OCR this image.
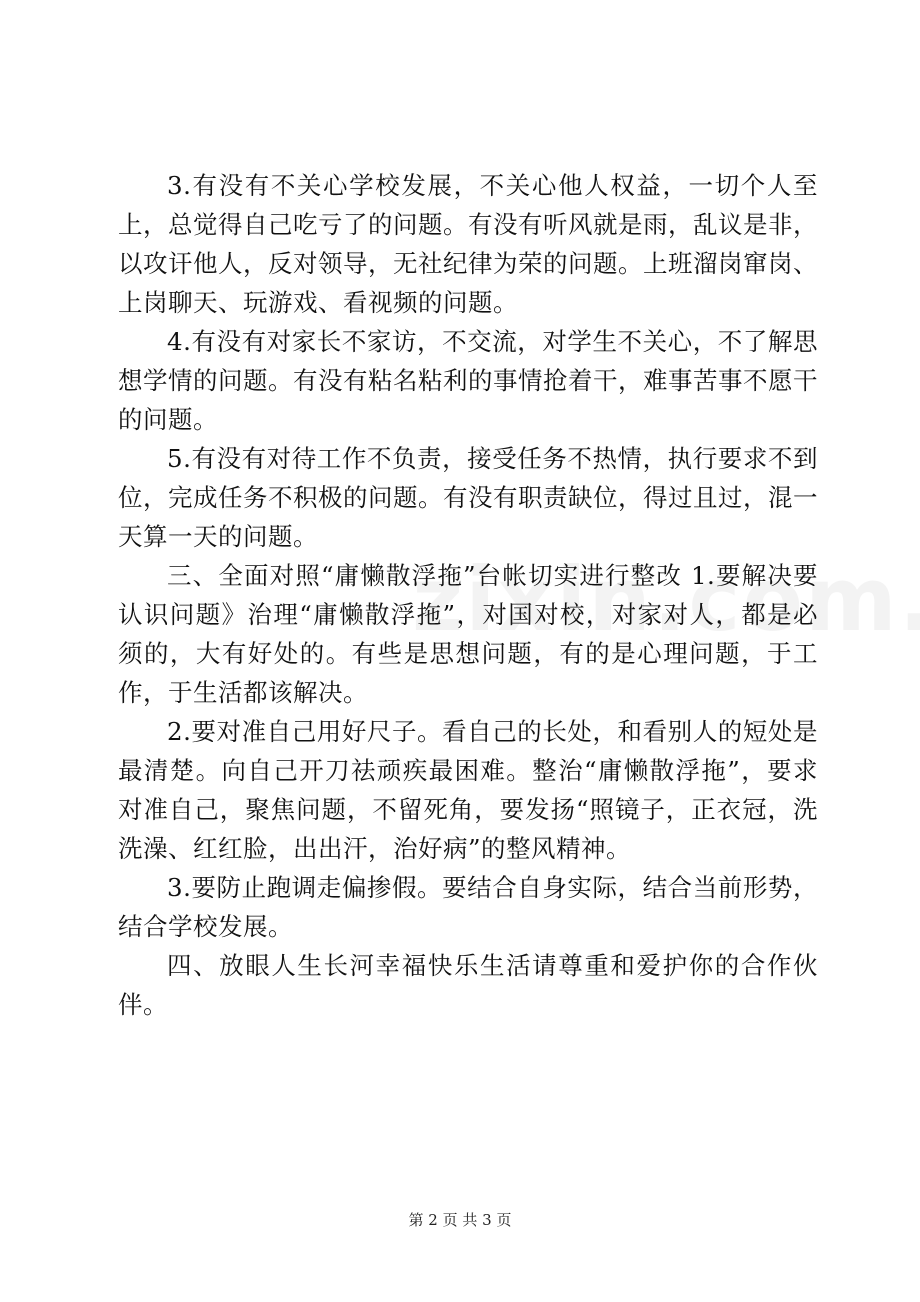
3.有没有不关心学校发展，不关心他人权益，一切个人至上，总觉得自己吃亏了的问题。有没有听风就是雨，乱议是非，以攻讦他人，反对领导，无社纪律为荣的问题。上班溜岗窜岗、上岗聊天、玩游戏、看视频的问题。

4.有没有对家长不家访，不交流，对学生不关心，不了解思想学情的问题。有没有粘名粘利的事情抢着干，难事苦事不愿干的问题。

5.有没有对待工作不负责，接受任务不热情，执行要求不到位，完成任务不积极的问题。有没有职责缺位，得过且过，混一天算一天的问题。

三、全面对照“庸懒散浮拖”台帐切实进行整改 1.要解决要认识问题》治理“庸懒散浮拖”，对国对校，对家对人，都是必须的，大有好处的。有些是思想问题，有的是心理问题，于工作，于生活都该解决。

2.要对准自己用好尺子。看自己的长处，和看别人的短处是最清楚。向自己开刀祛顽疾最困难。整治“庸懒散浮拖”，要求对准自己，聚焦问题，不留死角，要发扬“照镜子，正衣冠，洗洗澡、红红脸，出出汗，治好病”的整风精神。

3.要防止跑调走偏掺假。要结合自身实际，结合当前形势，结合学校发展。

四、放眼人生长河幸福快乐生活请尊重和爱护你的合作伙伴。

第 2 页 共 3 页
